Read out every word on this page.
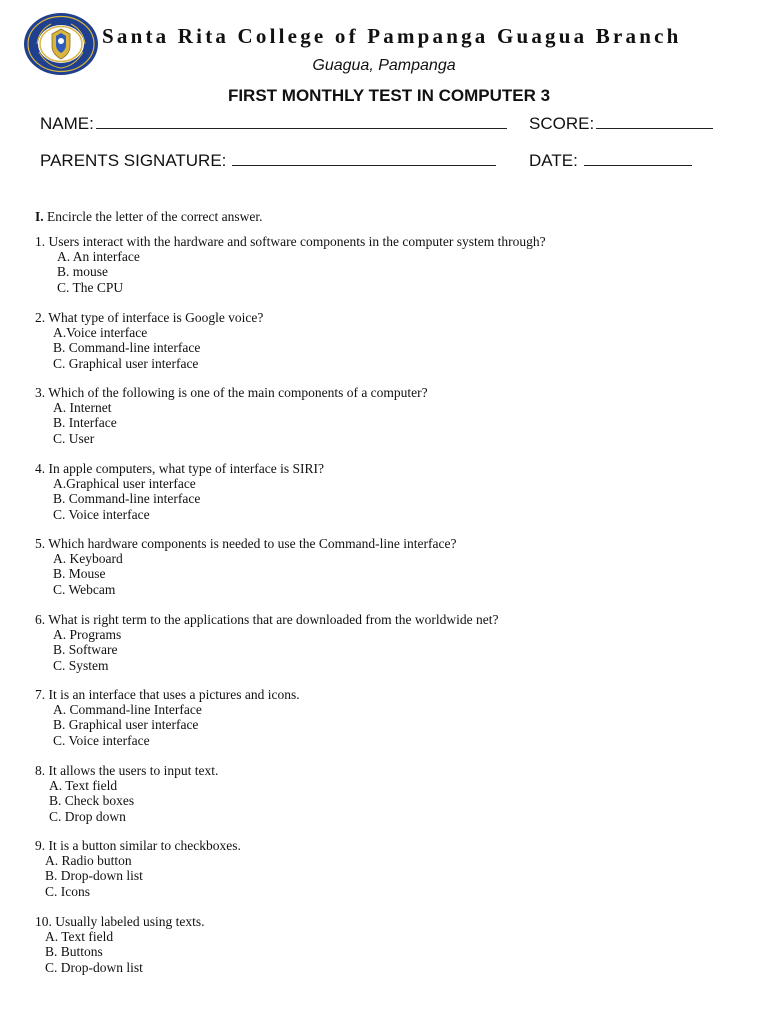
Santa Rita College of Pampanga Guagua Branch
Guagua, Pampanga
FIRST MONTHLY TEST IN COMPUTER 3
NAME:	SCORE:
PARENTS SIGNATURE:	DATE:
I. Encircle the letter of the correct answer.
1. Users interact with the hardware and software components in the computer system through?
A. An interface
B. mouse
C. The CPU
2. What type of interface is Google voice?
A.Voice interface
B. Command-line interface
C. Graphical user interface
3. Which of the following is one of the main components of a computer?
A. Internet
B. Interface
C. User
4. In apple computers, what type of interface is SIRI?
A.Graphical user interface
B. Command-line interface
C. Voice interface
5. Which hardware components is needed to use the Command-line interface?
A. Keyboard
B. Mouse
C. Webcam
6. What is right term to the applications that are downloaded from the worldwide net?
A. Programs
B. Software
C. System
7. It is an interface that uses a pictures and icons.
A. Command-line Interface
B. Graphical user interface
C. Voice interface
8. It allows the users to input text.
A. Text field
B. Check boxes
C. Drop down
9. It is a button similar to checkboxes.
A. Radio button
B. Drop-down list
C. Icons
10. Usually labeled using texts.
A. Text field
B. Buttons
C. Drop-down list
